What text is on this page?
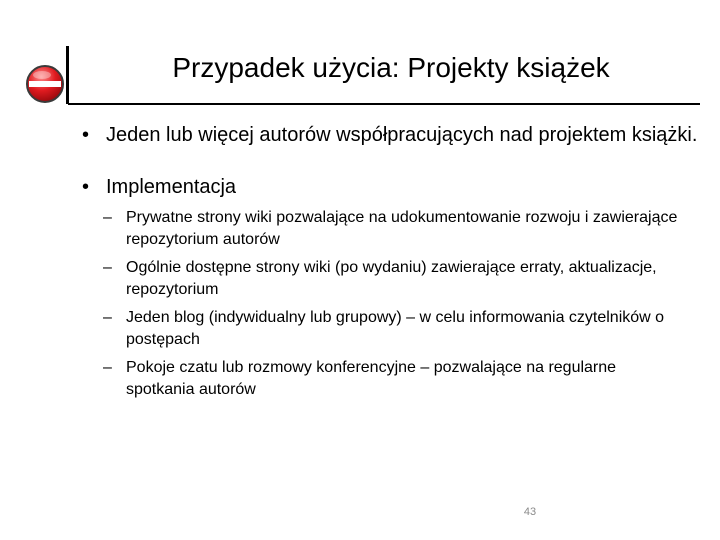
Przypadek użycia: Projekty książek
• Jeden lub więcej autorów współpracujących nad projektem książki.
• Implementacja
– Prywatne strony wiki pozwalające na udokumentowanie rozwoju i zawierające repozytorium autorów
– Ogólnie dostępne strony wiki (po wydaniu) zawierające erraty, aktualizacje, repozytorium
– Jeden blog (indywidualny lub grupowy) – w celu informowania czytelników o postępach
– Pokoje czatu lub rozmowy konferencyjne – pozwalające na regularne spotkania autorów
43
